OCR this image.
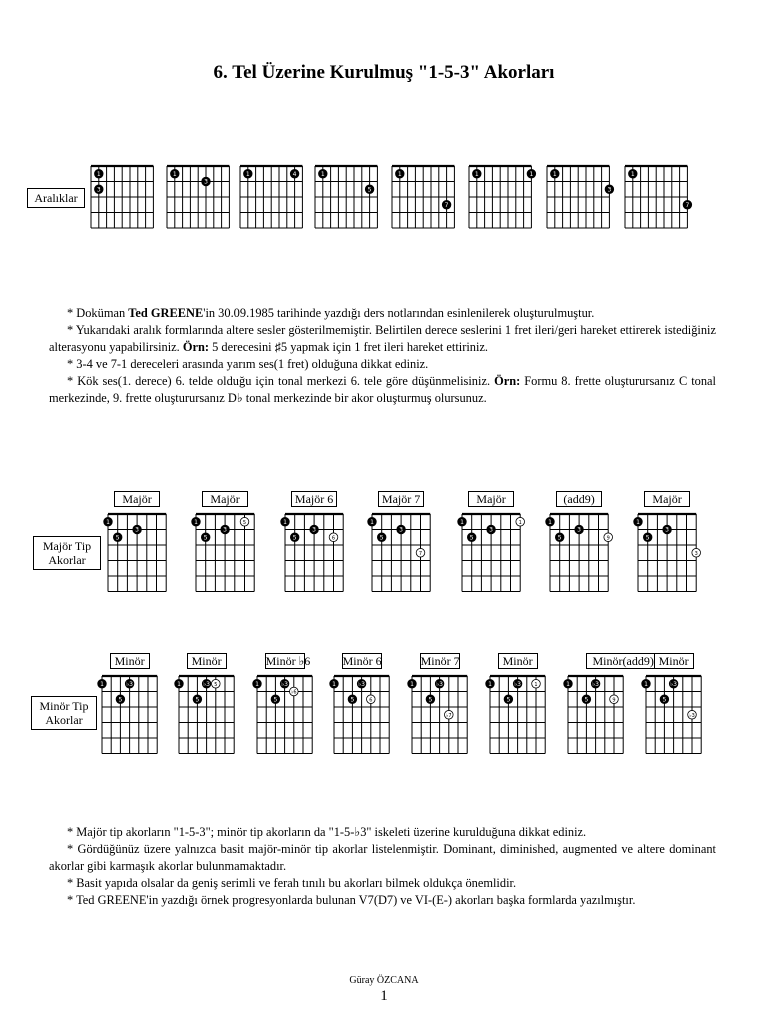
6. Tel Üzerine Kurulmuş "1-5-3" Akorları
1
3
1
3
1	4	1
5
1
7
1	1	1
3
1
7
Aralıklar

* Doküman Ted GREENE'in 30.09.1985 tarihinde yazdığı ders notlarından esinlenilerek oluşturulmuştur.

* Yukarıdaki aralık formlarında altere sesler gösterilmemiştir. Belirtilen derece seslerini 1 fret ileri/geri hareket ettirerek istediğiniz alterasyonu yapabilirsiniz. Örn: 5 derecesini ♯5 yapmak için 1 fret ileri hareket ettiriniz.

* 3-4 ve 7-1 dereceleri arasında yarım ses(1 fret) olduğuna dikkat ediniz.

* Kök ses(1. derece) 6. telde olduğu için tonal merkezi 6. tele göre düşünmelisiniz. Örn: Formu 8. frette oluşturursanız C tonal merkezinde, 9. frette oluşturursanız D♭ tonal merkezinde bir akor oluşturmuş olursunuz.

Majör
1
5
3
Majör
1
5
3
5
Majör 6
1
5
3
6
Majör 7
1
5
3
7
Majör
1
5
3
1
(add9)
1
5
3
9
Majör
1
5
3
3
Majör Tip
Akorlar
Minör
1
5
♭3
Minör
1
5
♭3 5
Minör ♭6
1
5
♭3
♭6
Minör 6
1
5
♭3
6
Minör 7
1
5
♭3
♭7
Minör
1
5
♭3	1
Minör(add9)
1
5
♭3
9
Minör
1
5
♭3
♭3
Minör Tip
Akorlar

* Majör tip akorların "1-5-3"; minör tip akorların da "1-5-♭3" iskeleti üzerine kurulduğuna dikkat ediniz.

* Gördüğünüz üzere yalnızca basit majör-minör tip akorlar listelenmiştir. Dominant, diminished, augmented ve altere dominant akorlar gibi karmaşık akorlar bulunmamaktadır.

* Basit yapıda olsalar da geniş serimli ve ferah tınılı bu akorları bilmek oldukça önemlidir.

* Ted GREENE'in yazdığı örnek progresyonlarda bulunan V7(D7) ve VI-(E-) akorları başka formlarda yazılmıştır.

Güray ÖZCANA
1
